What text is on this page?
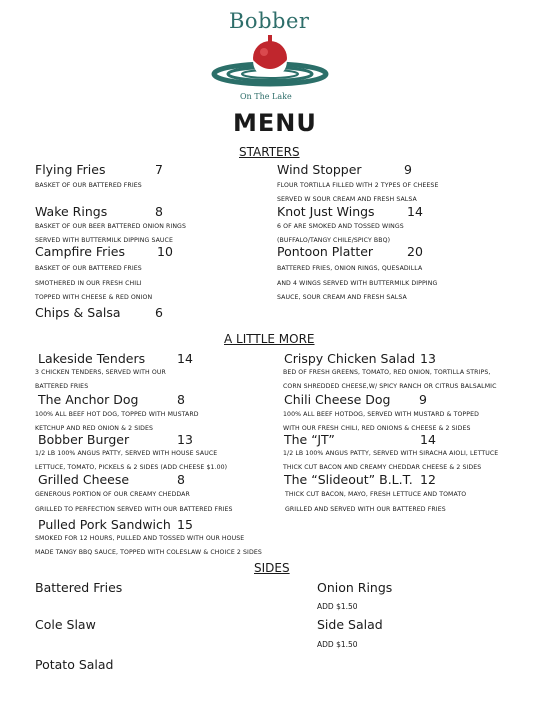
Bobber
On The Lake
MENU
STARTERS
Flying Fries	7
BASKET OF OUR BATTERED FRIES
Wind Stopper	9
FLOUR TORTILLA FILLED WITH 2 TYPES OF CHEESE
SERVED W SOUR CREAM AND FRESH SALSA
Wake Rings	8
BASKET OF OUR BEER BATTERED ONION RINGS
SERVED WITH BUTTERMILK DIPPING SAUCE
Knot Just Wings	14
6 OF ARE SMOKED AND TOSSED WINGS
(BUFFALO/TANGY CHILE/SPICY BBQ)
Campfire Fries	10
BASKET OF OUR BATTERED FRIES
SMOTHERED IN OUR FRESH CHILI
TOPPED WITH CHEESE & RED ONION
Pontoon Platter	20
BATTERED FRIES, ONION RINGS, QUESADILLA
AND 4 WINGS SERVED WITH BUTTERMILK DIPPING
SAUCE, SOUR CREAM AND FRESH SALSA
Chips & Salsa	6
A LITTLE MORE
Lakeside Tenders	14
3 CHICKEN TENDERS, SERVED WITH OUR
BATTERED FRIES
Crispy Chicken Salad 13
BED OF FRESH GREENS, TOMATO, RED ONION, TORTILLA STRIPS,
CORN SHREDDED CHEESE,W/ SPICY RANCH OR CITRUS BALSALMIC
The Anchor Dog	8
100% ALL BEEF HOT DOG, TOPPED WITH MUSTARD
KETCHUP AND RED ONION & 2 SIDES
Chili Cheese Dog 9
100% ALL BEEF HOTDOG, SERVED WITH MUSTARD & TOPPED
WITH OUR FRESH CHILI, RED ONIONS & CHEESE & 2 SIDES
Bobber Burger	13
1/2 LB 100% ANGUS PATTY, SERVED WITH HOUSE SAUCE
LETTUCE, TOMATO, PICKELS & 2 SIDES (ADD CHEESE $1.00)
The “JT”	14
1/2 LB 100% ANGUS PATTY, SERVED WITH SIRACHA AIOLI, LETTUCE
THICK CUT BACON AND CREAMY CHEDDAR CHEESE & 2 SIDES
Grilled Cheese	8
GENEROUS PORTION OF OUR CREAMY CHEDDAR
GRILLED TO PERFECTION SERVED WITH OUR BATTERED FRIES
The “Slideout” B.L.T. 12
THICK CUT BACON, MAYO, FRESH LETTUCE AND TOMATO
GRILLED AND SERVED WITH OUR BATTERED FRIES
Pulled Pork Sandwich 15
SMOKED FOR 12 HOURS, PULLED AND TOSSED WITH OUR HOUSE
MADE TANGY BBQ SAUCE, TOPPED WITH COLESLAW & CHOICE 2 SIDES
SIDES
Battered Fries	Onion Rings
ADD $1.50
Cole Slaw	Side Salad
ADD $1.50
Potato Salad
